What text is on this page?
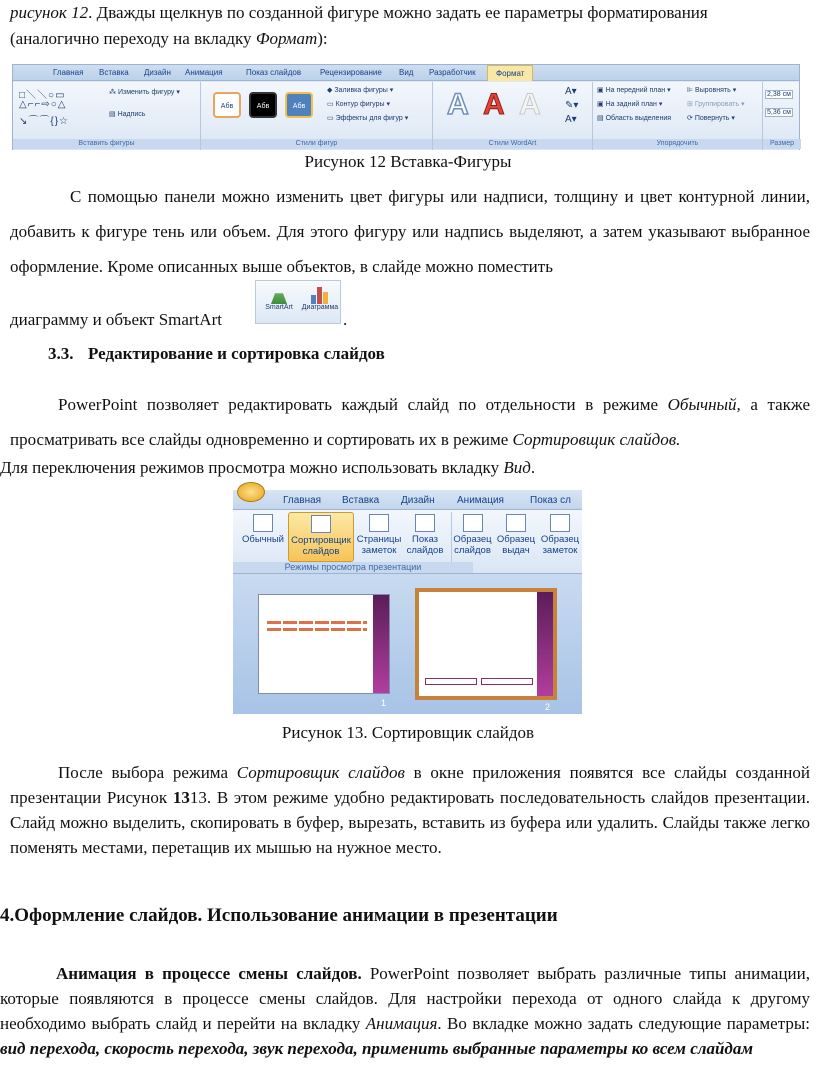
рисунок 12. Дважды щелкнув по созданной фигуре можно задать ее параметры форматирования
(аналогично переходу на вкладку Формат):
Главная Вставка Дизайн Анимация	Показ слайдов Рецензирование Вид Разработчик	Формат
□＼＼○▭
△⌐⌐⇨○△
↘⌒⌒{}☆
⁂ Изменить фигуру ▾
▤ Надпись
Вставить фигуры
Абв	Абв	Абв
◆ Заливка фигуры ▾
▭ Контур фигуры ▾
▭ Эффекты для фигур ▾
Стили фигур
A A A A▾
✎▾
A▾
Стили WordArt
▣ На передний план ▾
▣ На задний план ▾
▤ Область выделения
⊫ Выровнять ▾
⊞ Группировать ▾
⟳ Повернуть ▾
Упорядочить
2,38 см
5,36 см
Размер
Рисунок 12 Вставка-Фигуры
С помощью панели можно изменить цвет фигуры или надписи, толщину и цвет контурной линии, добавить к фигуре тень или объем. Для этого фигуру или надпись выделяют, а затем указывают выбранное оформление. Кроме описанных выше объектов, в слайде можно поместить
диаграмму и объект SmartArt
SmartArt	Диаграмма
.
3.3. Редактирование и сортировка слайдов
PowerPoint позволяет редактировать каждый слайд по отдельности в режиме Обычный, а также просматривать все слайды одновременно и сортировать их в режиме Сортировщик слайдов.
Для переключения режимов просмотра можно использовать вкладку Вид.
Главная Вставка Дизайн Анимация	Показ сл
Обычный Сортировщик
слайдов
Страницы
заметок
Показ
слайдов
Образец
слайдов
Образец
выдач
Образец
заметок
Режимы просмотра презентации
1	2
Рисунок 13. Сортировщик слайдов
После выбора режима Сортировщик слайдов в окне приложения появятся все слайды созданной презентации Рисунок 1313. В этом режиме удобно редактировать последовательность слайдов презентации. Слайд можно выделить, скопировать в буфер, вырезать, вставить из буфера или удалить. Слайды также легко поменять местами, перетащив их мышью на нужное место.
4.Оформление слайдов. Использование анимации в презентации
Анимация в процессе смены слайдов. PowerPoint позволяет выбрать различные типы анимации, которые появляются в процессе смены слайдов. Для настройки перехода от одного слайда к другому необходимо выбрать слайд и перейти на вкладку Анимация. Во вкладке можно задать следующие параметры: вид перехода, скорость перехода, звук перехода, применить выбранные параметры ко всем слайдам
